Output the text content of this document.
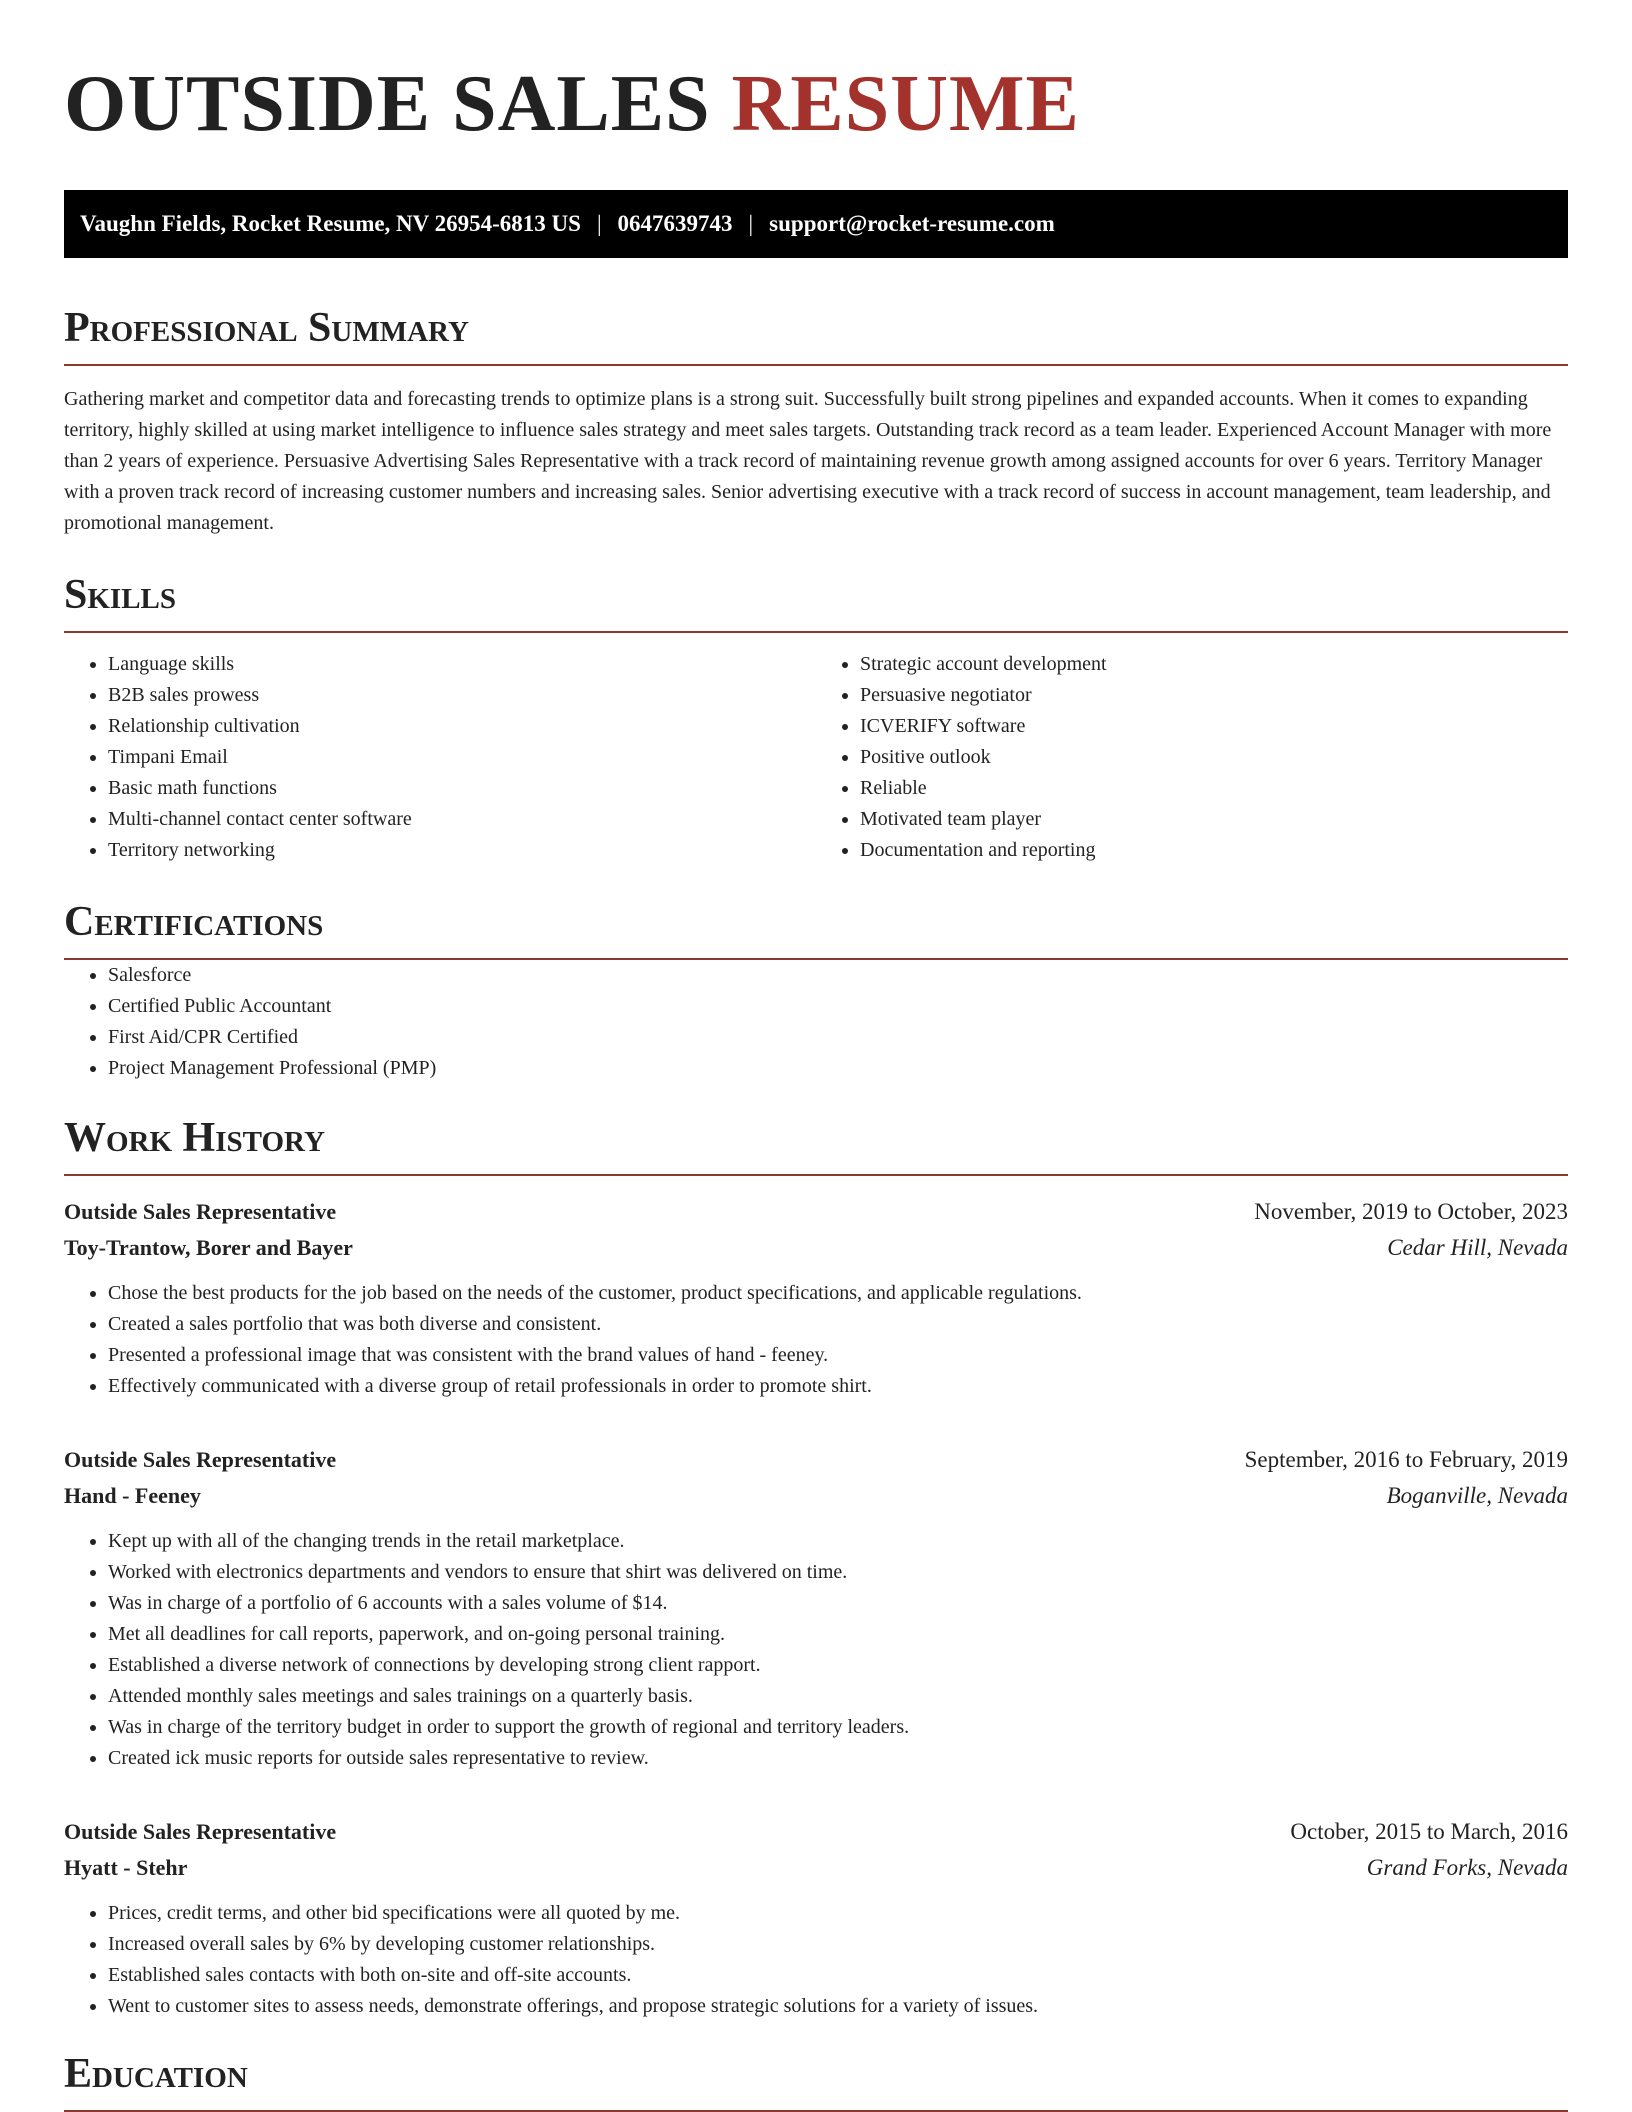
OUTSIDE SALES RESUME
Vaughn Fields, Rocket Resume, NV 26954-6813 US | 0647639743 | support@rocket-resume.com
Professional Summary

Gathering market and competitor data and forecasting trends to optimize plans is a strong suit. Successfully built strong pipelines and expanded accounts. When it comes to expanding territory, highly skilled at using market intelligence to influence sales strategy and meet sales targets. Outstanding track record as a team leader. Experienced Account Manager with more than 2 years of experience. Persuasive Advertising Sales Representative with a track record of maintaining revenue growth among assigned accounts for over 6 years. Territory Manager with a proven track record of increasing customer numbers and increasing sales. Senior advertising executive with a track record of success in account management, team leadership, and promotional management.

Skills
• Language skills
• B2B sales prowess
• Relationship cultivation
• Timpani Email
• Basic math functions
• Multi-channel contact center software
• Territory networking
• Strategic account development
• Persuasive negotiator
• ICVERIFY software
• Positive outlook
• Reliable
• Motivated team player
• Documentation and reporting
Certifications
• Salesforce
• Certified Public Accountant
• First Aid/CPR Certified
• Project Management Professional (PMP)
Work History
Outside Sales Representative	November, 2019 to October, 2023
Toy-Trantow, Borer and Bayer	Cedar Hill, Nevada
• Chose the best products for the job based on the needs of the customer, product specifications, and applicable regulations.
• Created a sales portfolio that was both diverse and consistent.
• Presented a professional image that was consistent with the brand values of hand - feeney.
• Effectively communicated with a diverse group of retail professionals in order to promote shirt.
Outside Sales Representative	September, 2016 to February, 2019
Hand - Feeney	Boganville, Nevada
• Kept up with all of the changing trends in the retail marketplace.
• Worked with electronics departments and vendors to ensure that shirt was delivered on time.
• Was in charge of a portfolio of 6 accounts with a sales volume of $14.
• Met all deadlines for call reports, paperwork, and on-going personal training.
• Established a diverse network of connections by developing strong client rapport.
• Attended monthly sales meetings and sales trainings on a quarterly basis.
• Was in charge of the territory budget in order to support the growth of regional and territory leaders.
• Created ick music reports for outside sales representative to review.
Outside Sales Representative	October, 2015 to March, 2016
Hyatt - Stehr	Grand Forks, Nevada
• Prices, credit terms, and other bid specifications were all quoted by me.
• Increased overall sales by 6% by developing customer relationships.
• Established sales contacts with both on-site and off-site accounts.
• Went to customer sites to assess needs, demonstrate offerings, and propose strategic solutions for a variety of issues.
Education
